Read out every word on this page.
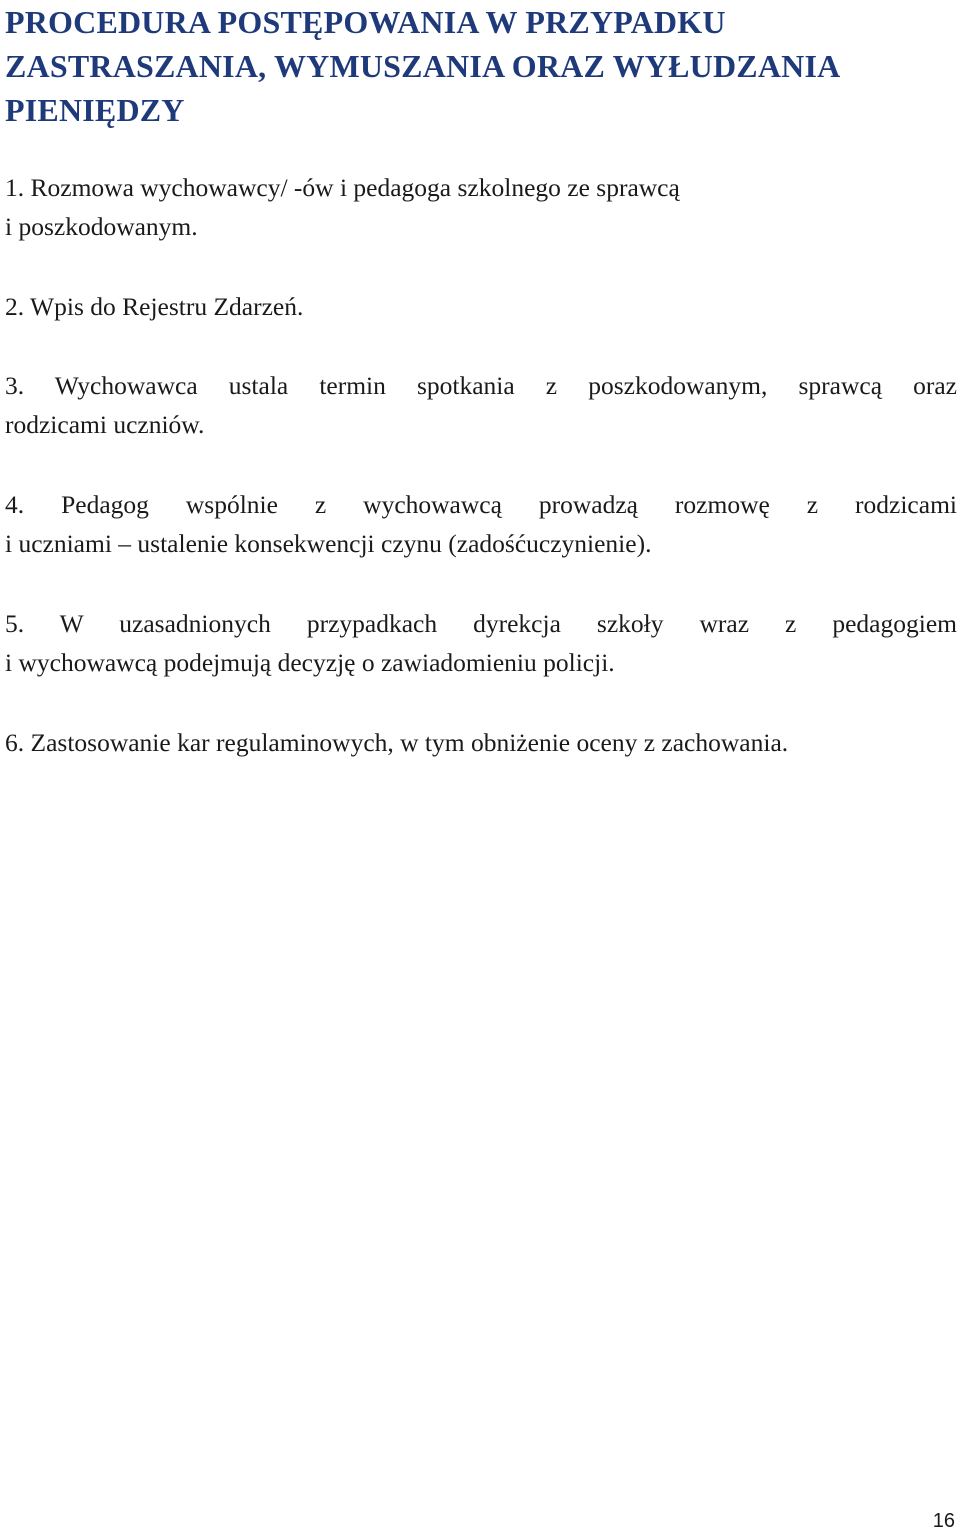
PROCEDURA POSTĘPOWANIA W PRZYPADKU
ZASTRASZANIA, WYMUSZANIA ORAZ WYŁUDZANIA
PIENIĘDZY

1. Rozmowa wychowawcy/ -ów i pedagoga szkolnego ze sprawcą
i poszkodowanym.

2. Wpis do Rejestru Zdarzeń.

3. Wychowawca ustala termin spotkania z poszkodowanym, sprawcą oraz
rodzicami uczniów.

4. Pedagog wspólnie z wychowawcą prowadzą rozmowę z rodzicami
i uczniami – ustalenie konsekwencji czynu (zadośćuczynienie).

5. W uzasadnionych przypadkach dyrekcja szkoły wraz z pedagogiem
i wychowawcą podejmują decyzję o zawiadomieniu policji.

6. Zastosowanie kar regulaminowych, w tym obniżenie oceny z zachowania.

16
